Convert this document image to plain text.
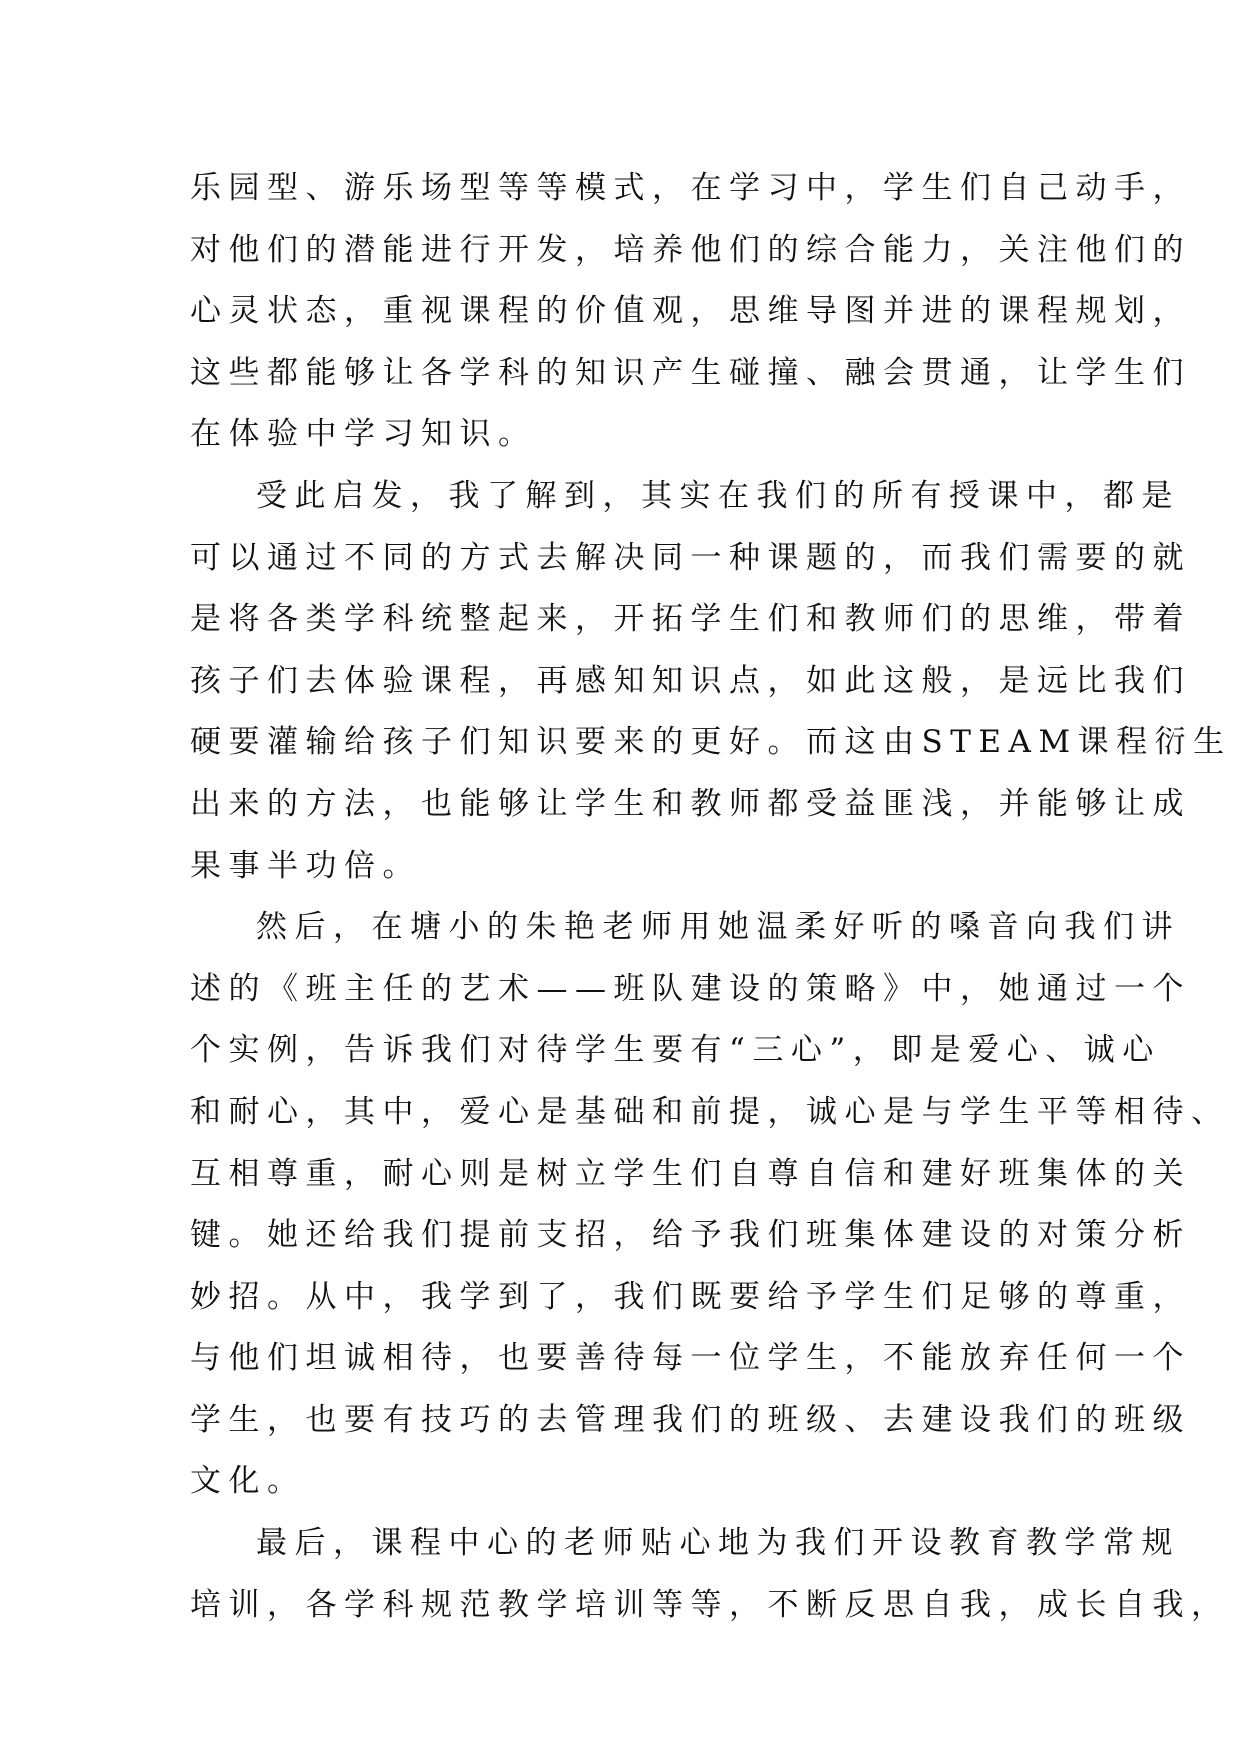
乐园型、游乐场型等等模式，在学习中，学生们自己动手，
对他们的潜能进行开发，培养他们的综合能力，关注他们的
心灵状态，重视课程的价值观，思维导图并进的课程规划，
这些都能够让各学科的知识产生碰撞、融会贯通，让学生们
在体验中学习知识。
受此启发，我了解到，其实在我们的所有授课中，都是
可以通过不同的方式去解决同一种课题的，而我们需要的就
是将各类学科统整起来，开拓学生们和教师们的思维，带着
孩子们去体验课程，再感知知识点，如此这般，是远比我们
硬要灌输给孩子们知识要来的更好。而这由STEAM课程衍生
出来的方法，也能够让学生和教师都受益匪浅，并能够让成
果事半功倍。
然后，在塘小的朱艳老师用她温柔好听的嗓音向我们讲
述的《班主任的艺术——班队建设的策略》中，她通过一个
个实例，告诉我们对待学生要有“三心”，即是爱心、诚心
和耐心，其中，爱心是基础和前提，诚心是与学生平等相待、
互相尊重，耐心则是树立学生们自尊自信和建好班集体的关
键。她还给我们提前支招，给予我们班集体建设的对策分析
妙招。从中，我学到了，我们既要给予学生们足够的尊重，
与他们坦诚相待，也要善待每一位学生，不能放弃任何一个
学生，也要有技巧的去管理我们的班级、去建设我们的班级
文化。
最后，课程中心的老师贴心地为我们开设教育教学常规
培训，各学科规范教学培训等等，不断反思自我，成长自我，
